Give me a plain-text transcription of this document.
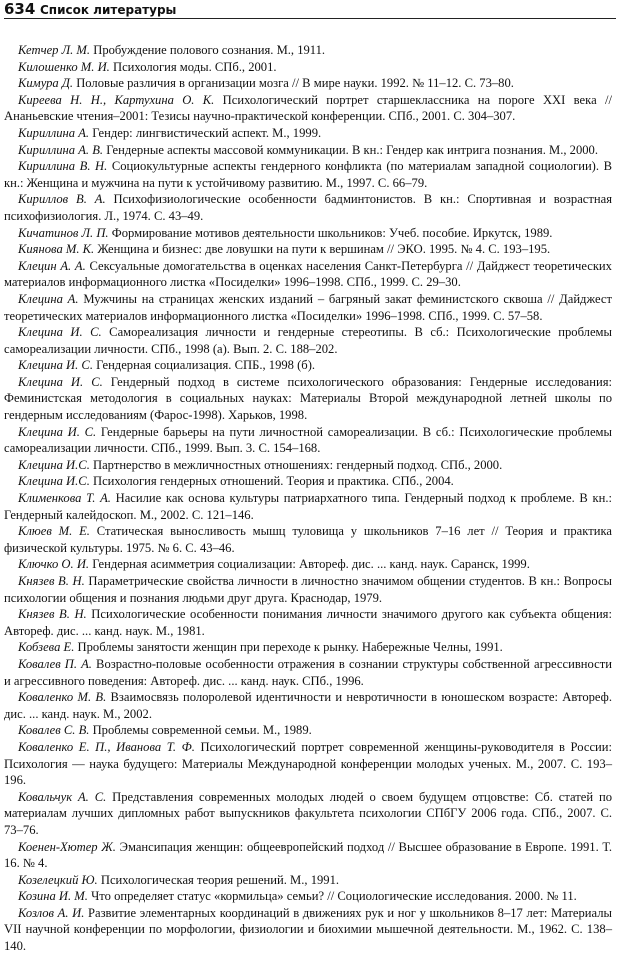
634 Список литературы

Кетчер Л. М. Пробуждение полового сознания. М., 1911.

Килошенко М. И. Психология моды. СПб., 2001.

Кимура Д. Половые различия в организации мозга // В мире науки. 1992. № 11–12. С. 73–80.

Киреева Н. Н., Картухина О. К. Психологический портрет старшеклассника на пороге XXI века // Ананьевские чтения–2001: Тезисы научно-практической конференции. СПб., 2001. С. 304–307.

Кириллина А. Гендер: лингвистический аспект. М., 1999.

Кириллина А. В. Гендерные аспекты массовой коммуникации. В кн.: Гендер как интрига познания. М., 2000.

Кириллина В. Н. Социокультурные аспекты гендерного конфликта (по материалам западной социологии). В кн.: Женщина и мужчина на пути к устойчивому развитию. М., 1997. С. 66–79.

Кириллов В. А. Психофизиологические особенности бадминтонистов. В кн.: Спортивная и возрастная психофизиология. Л., 1974. С. 43–49.

Кичатинов Л. П. Формирование мотивов деятельности школьников: Учеб. пособие. Иркутск, 1989.

Киянова М. К. Женщина и бизнес: две ловушки на пути к вершинам // ЭКО. 1995. № 4. С. 193–195.

Клецин А. А. Сексуальные домогательства в оценках населения Санкт-Петербурга // Дайджест теоретических материалов информационного листка «Посиделки» 1996–1998. СПб., 1999. С. 29–30.

Клецина А. Мужчины на страницах женских изданий – багряный закат феминистского сквоша // Дайджест теоретических материалов информационного листка «Посиделки» 1996–1998. СПб., 1999. С. 57–58.

Клецина И. С. Самореализация личности и гендерные стереотипы. В сб.: Психологические проблемы самореализации личности. СПб., 1998 (а). Вып. 2. С. 188–202.

Клецина И. С. Гендерная социализация. СПБ., 1998 (б).

Клецина И. С. Гендерный подход в системе психологического образования: Гендерные исследования: Феминистская методология в социальных науках: Материалы Второй международной летней школы по гендерным исследованиям (Фарос-1998). Харьков, 1998.

Клецина И. С. Гендерные барьеры на пути личностной самореализации. В сб.: Психологические проблемы самореализации личности. СПб., 1999. Вып. 3. С. 154–168.

Клецина И.С. Партнерство в межличностных отношениях: гендерный подход. СПб., 2000.

Клецина И.С. Психология гендерных отношений. Теория и практика. СПб., 2004.

Клименкова Т. А. Насилие как основа культуры патриархатного типа. Гендерный подход к проблеме. В кн.: Гендерный калейдоскоп. М., 2002. С. 121–146.

Клюев М. Е. Статическая выносливость мышц туловища у школьников 7–16 лет // Теория и практика физической культуры. 1975. № 6. С. 43–46.

Ключко О. И. Гендерная асимметрия социализации: Автореф. дис. ... канд. наук. Саранск, 1999.

Князев В. Н. Параметрические свойства личности в личностно значимом общении студентов. В кн.: Вопросы психологии общения и познания людьми друг друга. Краснодар, 1979.

Князев В. Н. Психологические особенности понимания личности значимого другого как субъекта общения: Автореф. дис. ... канд. наук. М., 1981.

Кобзева Е. Проблемы занятости женщин при переходе к рынку. Набережные Челны, 1991.

Ковалев П. А. Возрастно-половые особенности отражения в сознании структуры собственной агрессивности и агрессивного поведения: Автореф. дис. ... канд. наук. СПб., 1996.

Коваленко М. В. Взаимосвязь полоролевой идентичности и невротичности в юношеском возрасте: Автореф. дис. ... канд. наук. М., 2002.

Ковалев С. В. Проблемы современной семьи. М., 1989.

Коваленко Е. П., Иванова Т. Ф. Психологический портрет современной женщины-руководителя в России: Психология — наука будущего: Материалы Международной конференции молодых ученых. М., 2007. С. 193–196.

Ковальчук А. С. Представления современных молодых людей о своем будущем отцовстве: Сб. статей по материалам лучших дипломных работ выпускников факультета психологии СПбГУ 2006 года. СПб., 2007. С. 73–76.

Коенен-Хютер Ж. Эмансипация женщин: общеевропейский подход // Высшее образование в Европе. 1991. Т. 16. № 4.

Козелецкий Ю. Психологическая теория решений. М., 1991.

Козина И. М. Что определяет статус «кормильца» семьи? // Социологические исследования. 2000. № 11.

Козлов А. И. Развитие элементарных координаций в движениях рук и ног у школьников 8–17 лет: Материалы VII научной конференции по морфологии, физиологии и биохимии мышечной деятельности. М., 1962. С. 138–140.
